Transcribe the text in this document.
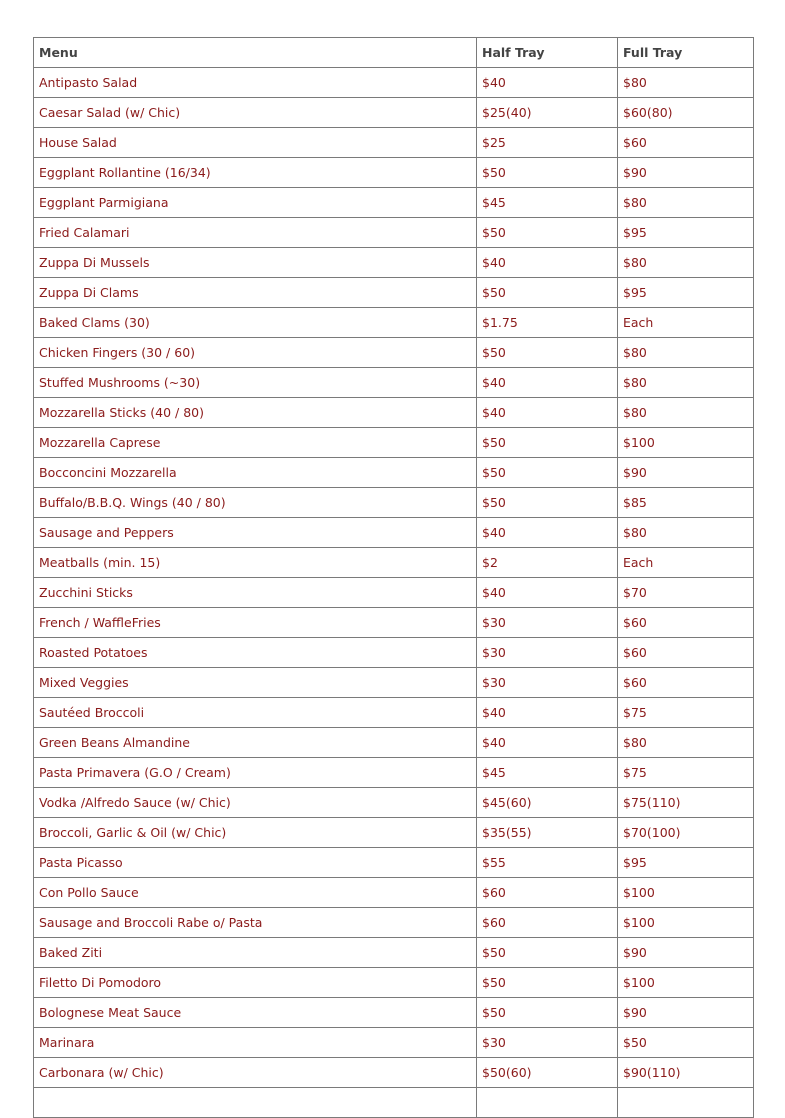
Menu	Half Tray	Full Tray
Antipasto Salad	$40	$80
Caesar Salad (w/ Chic)	$25(40)	$60(80)
House Salad	$25	$60
Eggplant Rollantine (16/34)	$50	$90
Eggplant Parmigiana	$45	$80
Fried Calamari	$50	$95
Zuppa Di Mussels	$40	$80
Zuppa Di Clams	$50	$95
Baked Clams (30)	$1.75	Each
Chicken Fingers (30 / 60)	$50	$80
Stuffed Mushrooms (~30)	$40	$80
Mozzarella Sticks (40 / 80)	$40	$80
Mozzarella Caprese	$50	$100
Bocconcini Mozzarella	$50	$90
Buffalo/B.B.Q. Wings (40 / 80)	$50	$85
Sausage and Peppers	$40	$80
Meatballs (min. 15)	$2	Each
Zucchini Sticks	$40	$70
French / WaffleFries	$30	$60
Roasted Potatoes	$30	$60
Mixed Veggies	$30	$60
Sautéed Broccoli	$40	$75
Green Beans Almandine	$40	$80
Pasta Primavera (G.O / Cream)	$45	$75
Vodka /Alfredo Sauce (w/ Chic)	$45(60)	$75(110)
Broccoli, Garlic & Oil (w/ Chic)	$35(55)	$70(100)
Pasta Picasso	$55	$95
Con Pollo Sauce	$60	$100
Sausage and Broccoli Rabe o/ Pasta	$60	$100
Baked Ziti	$50	$90
Filetto Di Pomodoro	$50	$100
Bolognese Meat Sauce	$50	$90
Marinara	$30	$50
Carbonara (w/ Chic)	$50(60)	$90(110)
